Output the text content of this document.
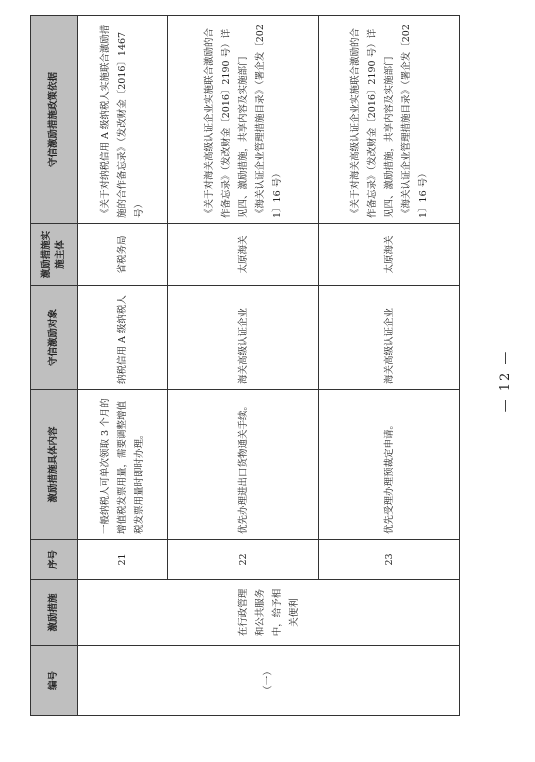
编号	激励措施	序号	激励措施具体内容	守信激励对象	激励措施实施主体	守信激励措施政策依据
（一）	在行政管理和公共服务中，给予相关便利	21	一般纳税人可单次领取 3 个月的增值税发票用量，需要调整增值税发票用量时即时办理。	纳税信用 A 级纳税人	省税务局	《关于对纳税信用 A 级纳税人实施联合激励措施的合作备忘录》（发改财金〔2016〕1467 号）

		22	优先办理进出口货物通关手续。	海关高级认证企业	太原海关	《关于对海关高级认证企业实施联合激励的合作备忘录》（发改财金〔2016〕2190 号）详见四、激励措施，共享内容及实施部门 《海关认证企业管理措施目录》（署企发〔2021〕16 号）

		23	优先受理办理预裁定申请。	海关高级认证企业	太原海关	《关于对海关高级认证企业实施联合激励的合作备忘录》（发改财金〔2016〕2190 号）详见四、激励措施，共享内容及实施部门 《海关认证企业管理措施目录》（署企发〔2021〕16 号）
— 12 —
